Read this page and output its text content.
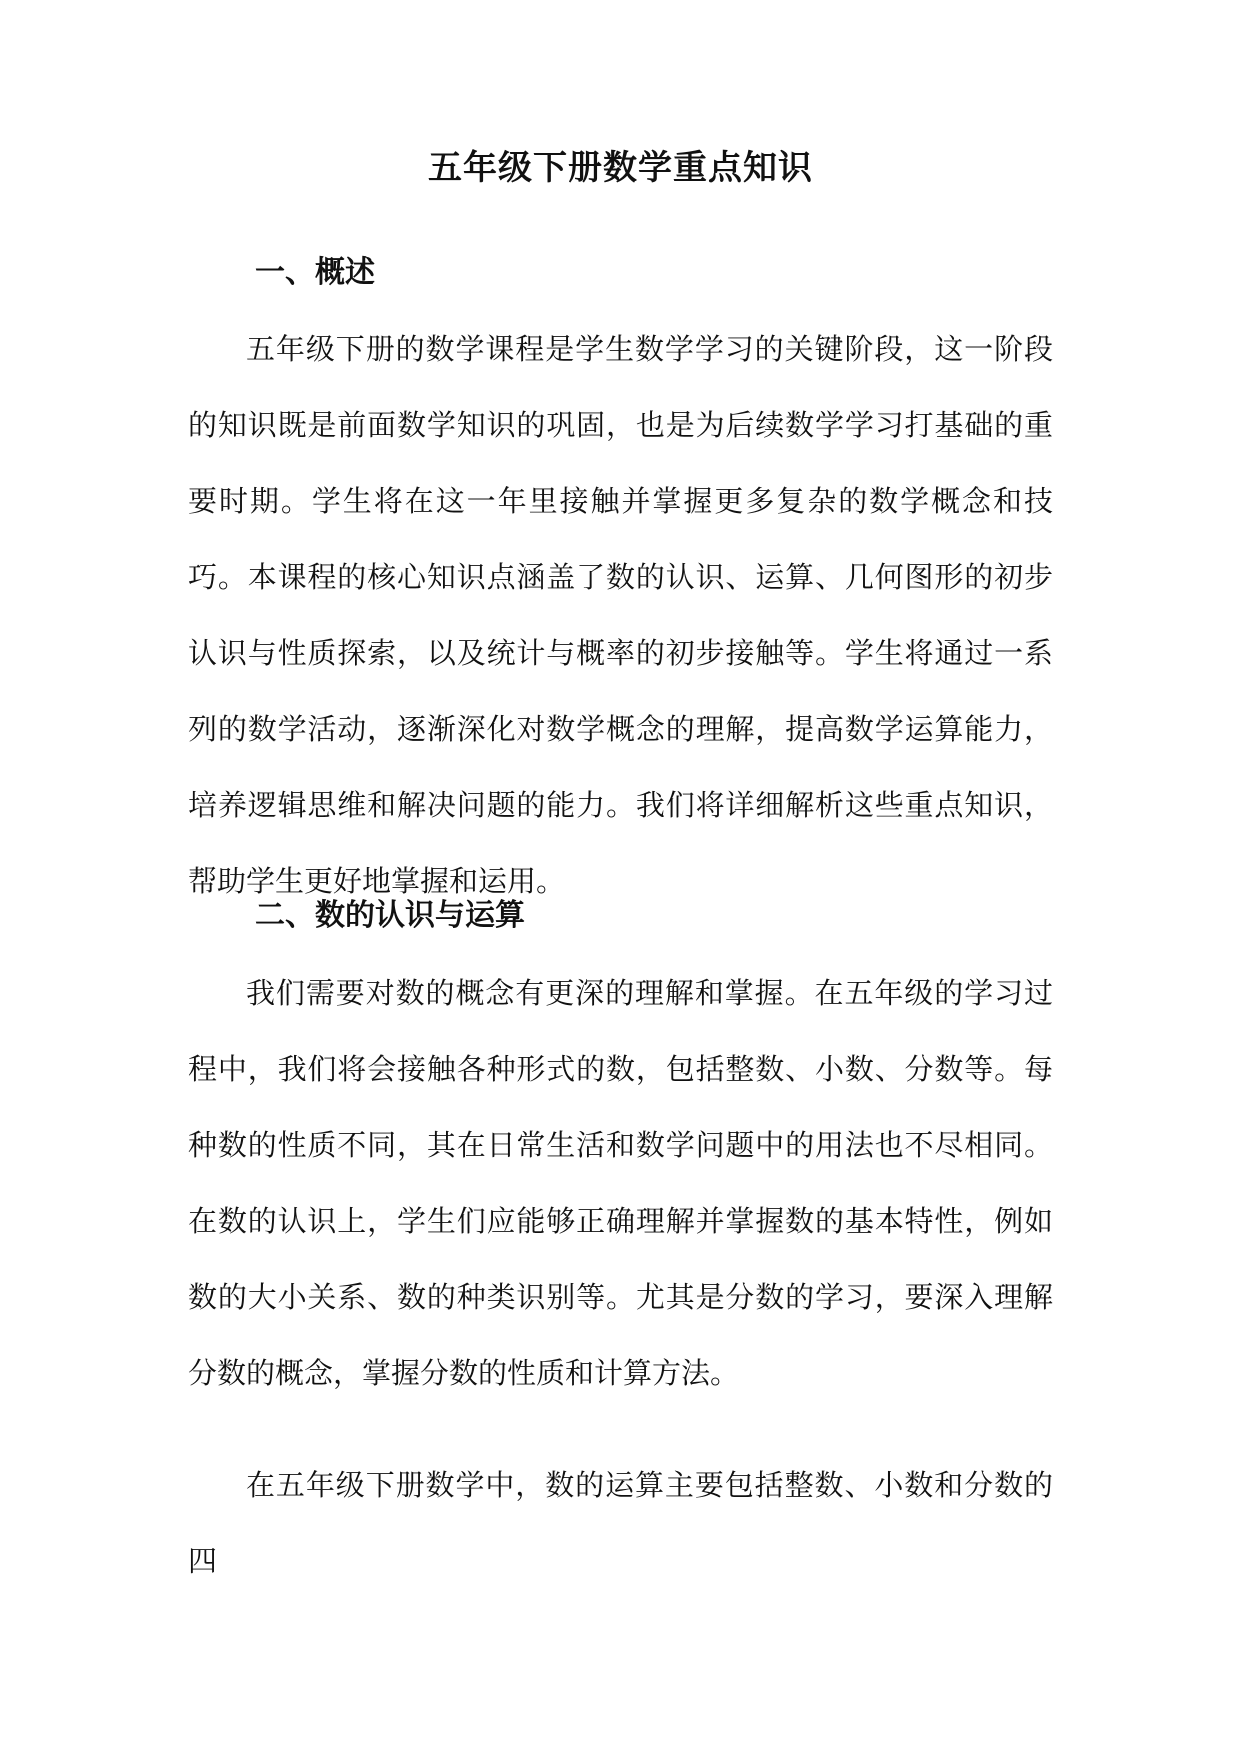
五年级下册数学重点知识
一、概述

五年级下册的数学课程是学生数学学习的关键阶段，这一阶段的知识既是前面数学知识的巩固，也是为后续数学学习打基础的重要时期。学生将在这一年里接触并掌握更多复杂的数学概念和技巧。本课程的核心知识点涵盖了数的认识、运算、几何图形的初步认识与性质探索，以及统计与概率的初步接触等。学生将通过一系列的数学活动，逐渐深化对数学概念的理解，提高数学运算能力，培养逻辑思维和解决问题的能力。我们将详细解析这些重点知识，帮助学生更好地掌握和运用。

二、数的认识与运算

我们需要对数的概念有更深的理解和掌握。在五年级的学习过程中，我们将会接触各种形式的数，包括整数、小数、分数等。每种数的性质不同，其在日常生活和数学问题中的用法也不尽相同。在数的认识上，学生们应能够正确理解并掌握数的基本特性，例如数的大小关系、数的种类识别等。尤其是分数的学习，要深入理解分数的概念，掌握分数的性质和计算方法。

在五年级下册数学中，数的运算主要包括整数、小数和分数的四
